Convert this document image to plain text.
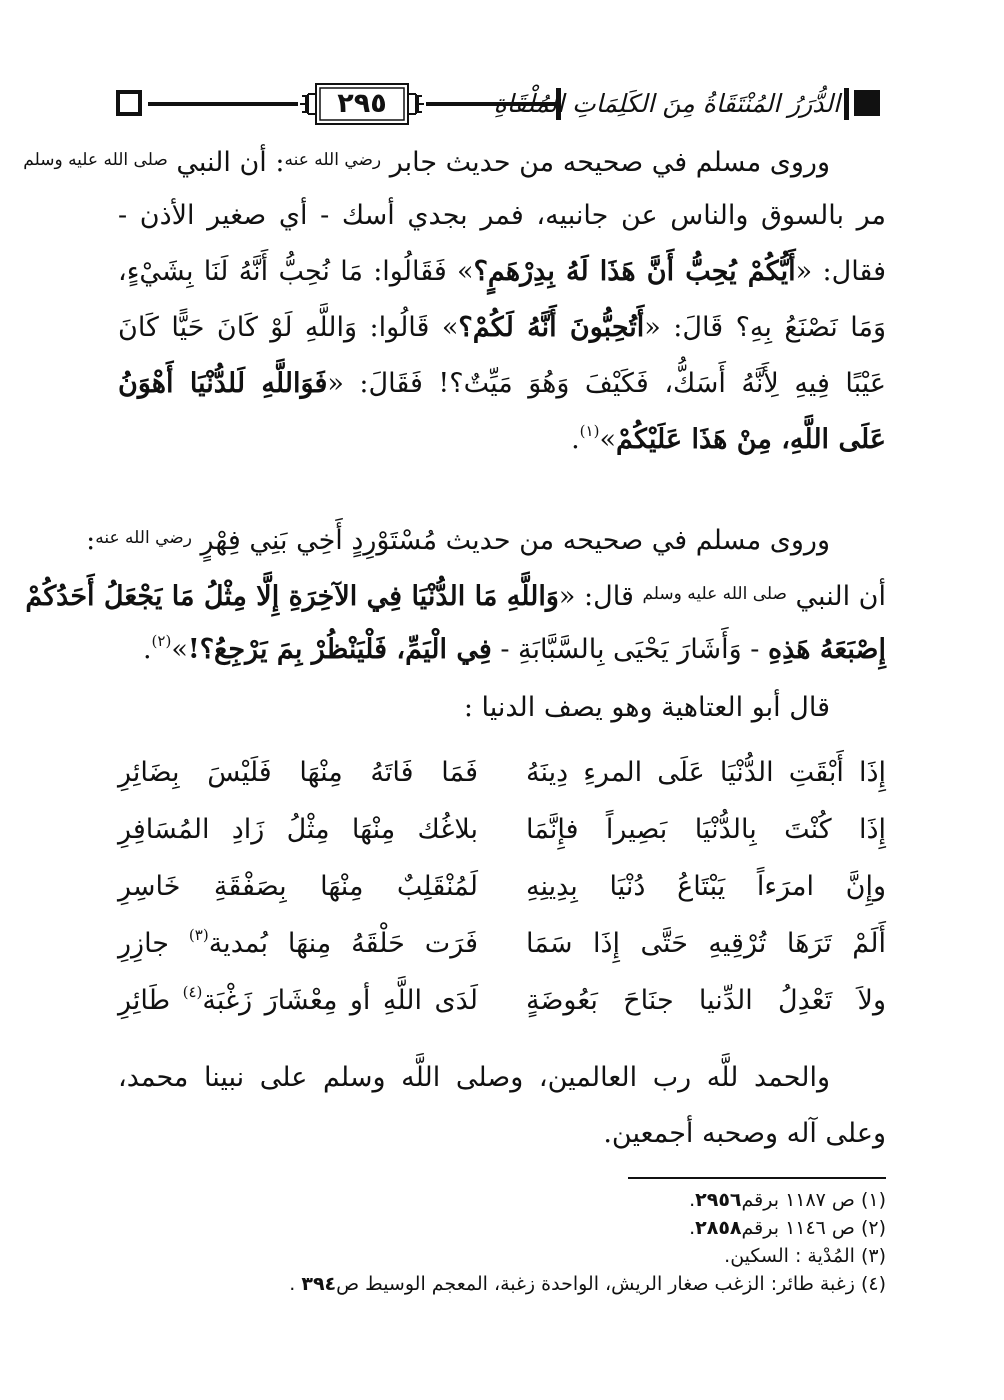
٢٩٥	الدُّرَرُ المُنْتَقَاةُ مِنَ الكَلِمَاتِ المُلْقَاةِ
وروى مسلم في صحيحه من حديث جابر $^{رضي الله عنه}$: أن النبي $^{صلى الله عليه وسلم}$
مر بالسوق والناس عن جانبيه، فمر بجدي أسك - أي صغير الأذن -
فقال: «أَيُّكُمْ يُحِبُّ أَنَّ هَذَا لَهُ بِدِرْهَمٍ؟» فَقَالُوا: مَا نُحِبُّ أَنَّهُ لَنَا بِشَيْءٍ،
وَمَا نَصْنَعُ بِهِ؟ قَالَ: «أَتُحِبُّونَ أَنَّهُ لَكُمْ؟» قَالُوا: وَاللَّهِ لَوْ كَانَ حَيًّا كَانَ
عَيْبًا فِيهِ لِأَنَّهُ أَسَكُّ، فَكَيْفَ وَهُوَ مَيِّتٌ؟! فَقَالَ: «فَوَاللَّهِ لَلدُّنْيَا أَهْوَنُ
عَلَى اللَّهِ، مِنْ هَذَا عَلَيْكُمْ»$^{(١)}$.
وروى مسلم في صحيحه من حديث مُسْتَوْرِدٍ أَخِي بَنِي فِهْرٍ $^{رضي الله عنه}$:
أن النبي $^{صلى الله عليه وسلم}$ قال: «وَاللَّهِ مَا الدُّنْيَا فِي الآخِرَةِ إِلَّا مِثْلُ مَا يَجْعَلُ أَحَدُكُمْ
إِصْبَعَهُ هَذِهِ - وَأَشَارَ يَحْيَى بِالسَّبَّابَةِ - فِي الْيَمِّ، فَلْيَنْظُرْ بِمَ يَرْجِعُ؟!»$^{(٢)}$.
قال أبو العتاهية وهو يصف الدنيا :
إِذَا أَبْقَتِ الدُّنْيَا عَلَى المرءِ دِينَهُ
فَمَا فَاتَهُ مِنْهَا فَلَيْسَ بِضَائِرِ
إِذَا كُنْتَ بِالدُّنْيَا بَصِيراً فإِنَّمَا
بلاغُك مِنْهَا مِثْلُ زَادِ المُسَافِرِ
وإِنَّ امرَءاً يَبْتَاعُ دُنْيَا بِدِينِهِ
لَمُنْقَلِبٌ مِنْهَا بِصَفْقَةِ خَاسِرِ
أَلَمْ تَرَهَا تُرْقِيهِ حَتَّى إِذَا سَمَا
فَرَت حَلْقَهُ مِنهَا بُمدية$^{(٣)}$ جازِرِ
ولاَ تَعْدِلُ الدِّنيا جنَاحَ بَعُوضَةٍ
لَدَى اللَّهِ أو مِعْشَارَ زَغْبَة$^{(٤)}$ طَائِرِ
والحمد للَّه رب العالمين، وصلى اللَّه وسلم على نبينا محمد،
وعلى آله وصحبه أجمعين.
(١) ص ١١٨٧ برقم٢٩٥٦.
(٢) ص ١١٤٦ برقم٢٨٥٨.
(٣) المُدْية : السكين.
(٤) زغبة طائر: الزغب صغار الريش، الواحدة زغبة، المعجم الوسيط ص٣٩٤ .
